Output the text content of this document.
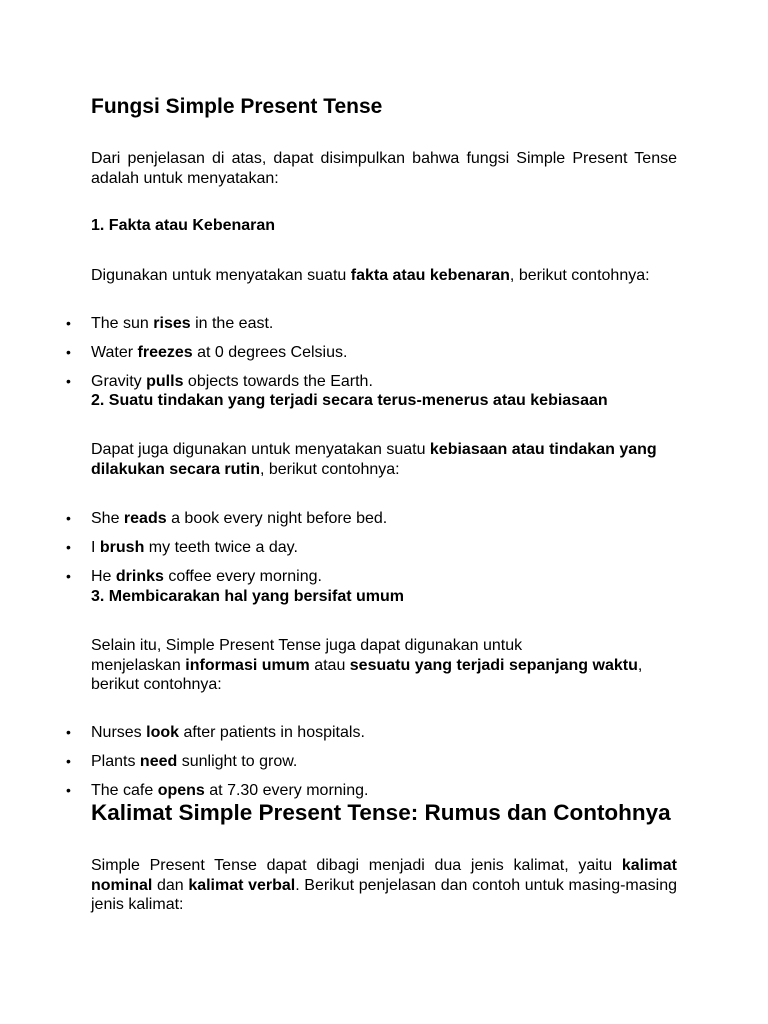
Fungsi Simple Present Tense

Dari penjelasan di atas, dapat disimpulkan bahwa fungsi Simple Present Tense adalah untuk menyatakan:

1. Fakta atau Kebenaran

Digunakan untuk menyatakan suatu fakta atau kebenaran, berikut contohnya:

• The sun rises in the east.
• Water freezes at 0 degrees Celsius.
• Gravity pulls objects towards the Earth.
2. Suatu tindakan yang terjadi secara terus-menerus atau kebiasaan

Dapat juga digunakan untuk menyatakan suatu kebiasaan atau tindakan yang dilakukan secara rutin, berikut contohnya:

• She reads a book every night before bed.
• I brush my teeth twice a day.
• He drinks coffee every morning.
3. Membicarakan hal yang bersifat umum

Selain itu, Simple Present Tense juga dapat digunakan untuk

menjelaskan informasi umum atau sesuatu yang terjadi sepanjang waktu,

berikut contohnya:

• Nurses look after patients in hospitals.
• Plants need sunlight to grow.
• The cafe opens at 7.30 every morning.
Kalimat Simple Present Tense: Rumus dan Contohnya

Simple Present Tense dapat dibagi menjadi dua jenis kalimat, yaitu kalimat nominal dan kalimat verbal. Berikut penjelasan dan contoh untuk masing-masing jenis kalimat:
